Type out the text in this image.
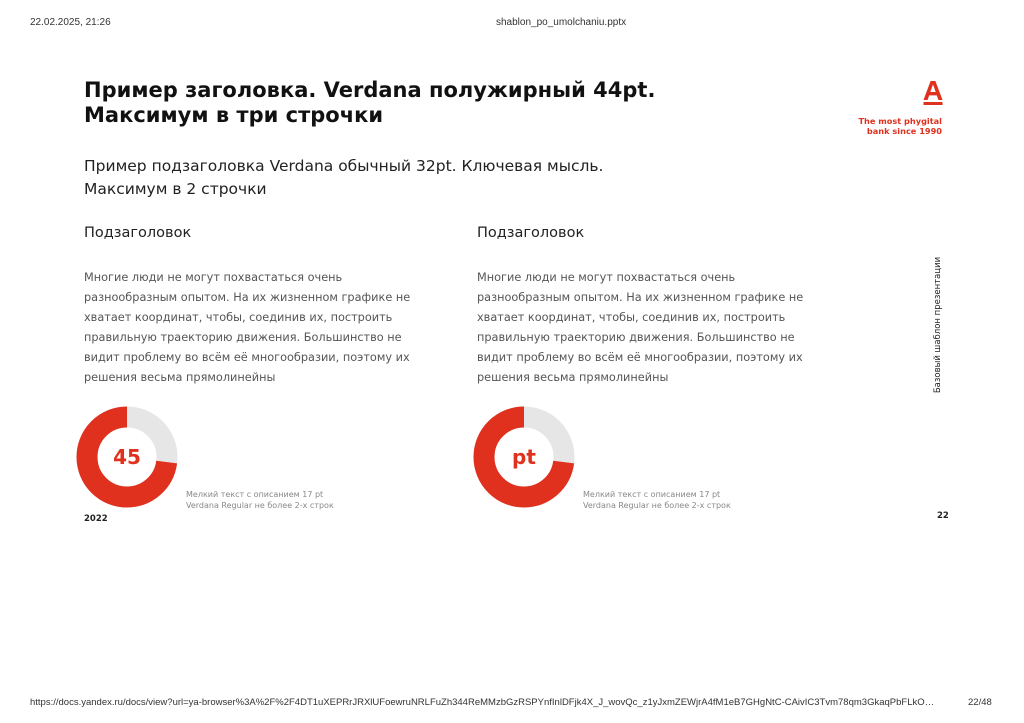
22.02.2025, 21:26	shablon_po_umolchaniu.pptx
Пример заголовка. Verdana полужирный 44pt.
Максимум в три строчки
Пример подзаголовка Verdana обычный 32pt. Ключевая мысль.
Максимум в 2 строчки
The most phygital
bank since 1990
Базовый шаблон презентации
Подзаголовок
Многие люди не могут похвастаться очень
разнообразным опытом. На их жизненном графике не
хватает координат, чтобы, соединив их, построить
правильную траекторию движения. Большинство не
видит проблему во всём её многообразии, поэтому их
решения весьма прямолинейны
45
Мелкий текст с описанием 17 pt
Verdana Regular не более 2-х строк
Подзаголовок
Многие люди не могут похвастаться очень
разнообразным опытом. На их жизненном графике не
хватает координат, чтобы, соединив их, построить
правильную траекторию движения. Большинство не
видит проблему во всём её многообразии, поэтому их
решения весьма прямолинейны
pt
Мелкий текст с описанием 17 pt
Verdana Regular не более 2-х строк
2022	22
https://docs.yandex.ru/docs/view?url=ya-browser%3A%2F%2F4DT1uXEPRrJRXlUFoewruNRLFuZh344ReMMzbGzRSPYnfInlDFjk4X_J_wovQc_z1yJxmZEWjrA4fM1eB7GHgNtC-CAivIC3Tvm78qm3GkaqPbFLkO…	22/48
